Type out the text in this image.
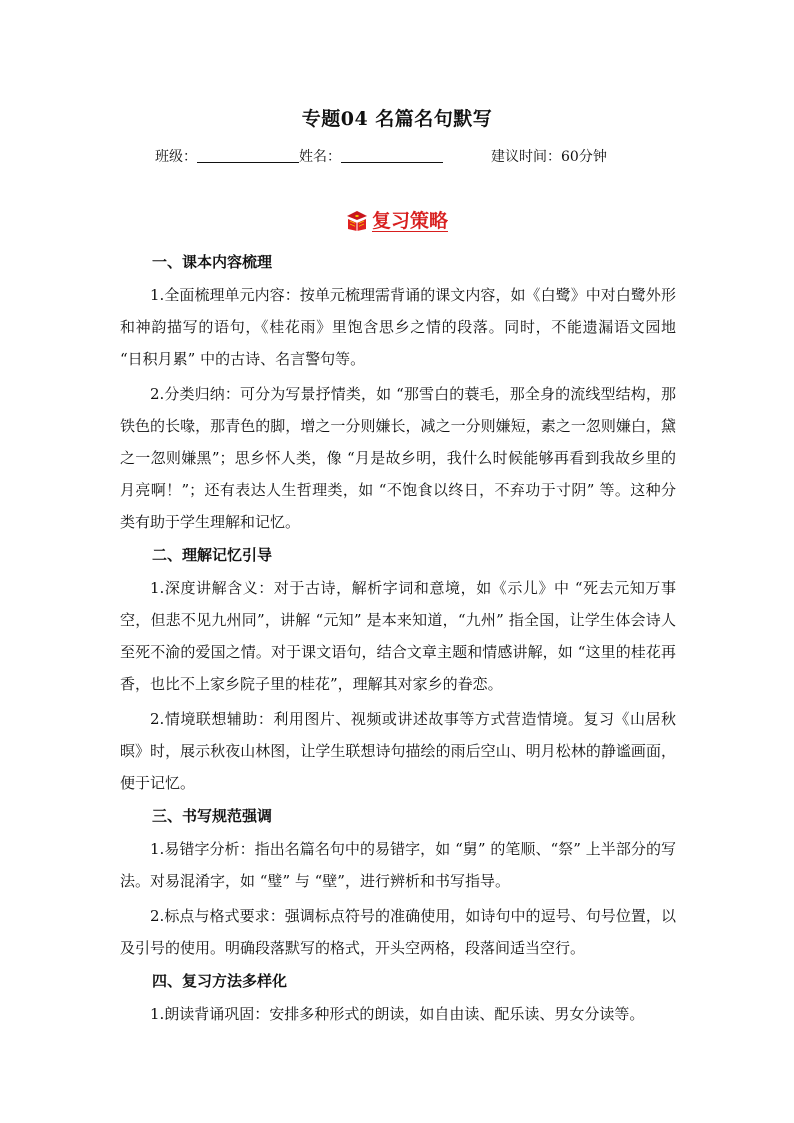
专题04 名篇名句默写
班级：	姓名：	建议时间：60分钟
复习策略
一、课本内容梳理

1.全面梳理单元内容：按单元梳理需背诵的课文内容，如《白鹭》中对白鹭外形和神韵描写的语句，《桂花雨》里饱含思乡之情的段落。同时，不能遗漏语文园地 “日积月累” 中的古诗、名言警句等。

2.分类归纳：可分为写景抒情类，如 “那雪白的蓑毛，那全身的流线型结构，那铁色的长喙，那青色的脚，增之一分则嫌长，减之一分则嫌短，素之一忽则嫌白，黛之一忽则嫌黑”；思乡怀人类，像 “月是故乡明，我什么时候能够再看到我故乡里的月亮啊！”；还有表达人生哲理类，如 “不饱食以终日，不弃功于寸阴” 等。这种分类有助于学生理解和记忆。

二、理解记忆引导

1.深度讲解含义：对于古诗，解析字词和意境，如《示儿》中 “死去元知万事空，但悲不见九州同”，讲解 “元知” 是本来知道，“九州” 指全国，让学生体会诗人至死不渝的爱国之情。对于课文语句，结合文章主题和情感讲解，如 “这里的桂花再香，也比不上家乡院子里的桂花”，理解其对家乡的眷恋。

2.情境联想辅助：利用图片、视频或讲述故事等方式营造情境。复习《山居秋暝》时，展示秋夜山林图，让学生联想诗句描绘的雨后空山、明月松林的静谧画面，便于记忆。

三、书写规范强调

1.易错字分析：指出名篇名句中的易错字，如 “舅” 的笔顺、“祭” 上半部分的写法。对易混淆字，如 “璧” 与 “壁”，进行辨析和书写指导。

2.标点与格式要求：强调标点符号的准确使用，如诗句中的逗号、句号位置，以及引号的使用。明确段落默写的格式，开头空两格，段落间适当空行。

四、复习方法多样化

1.朗读背诵巩固：安排多种形式的朗读，如自由读、配乐读、男女分读等。
